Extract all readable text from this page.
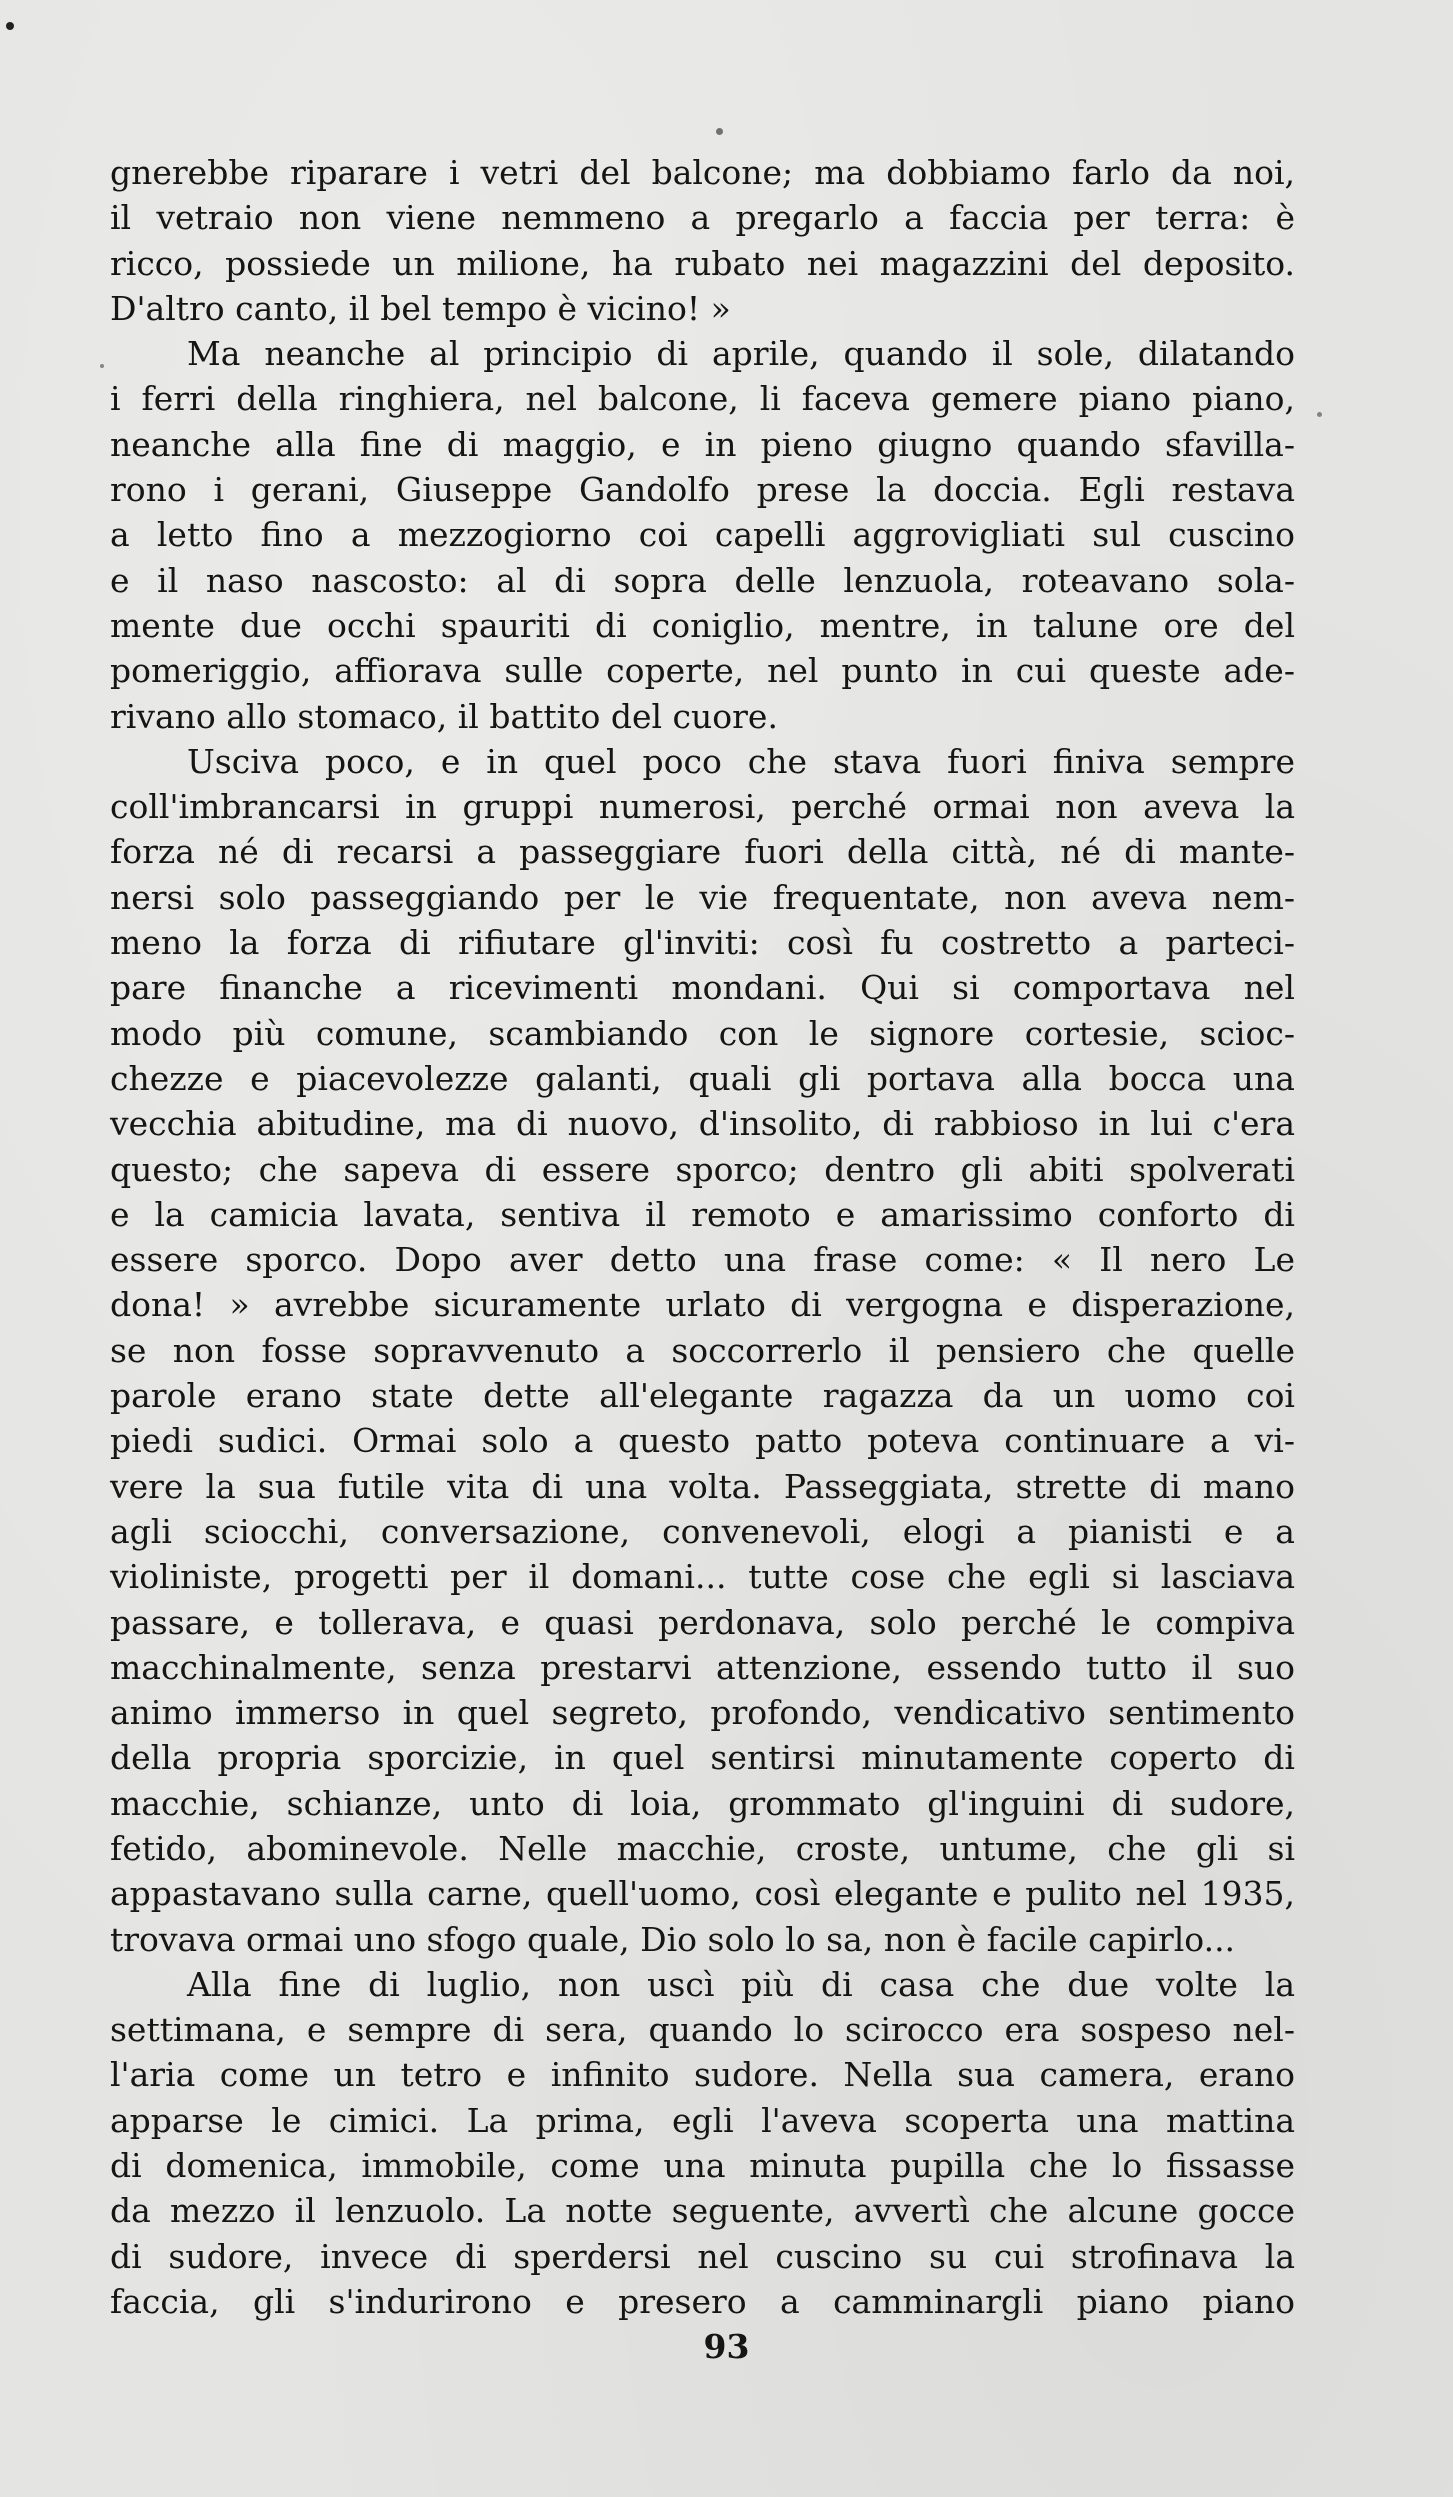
gnerebbe riparare i vetri del balcone; ma dobbiamo farlo da noi,
il vetraio non viene nemmeno a pregarlo a faccia per terra: è
ricco, possiede un milione, ha rubato nei magazzini del deposito.
D'altro canto, il bel tempo è vicino! »
Ma neanche al principio di aprile, quando il sole, dilatando
i ferri della ringhiera, nel balcone, li faceva gemere piano piano,
neanche alla fine di maggio, e in pieno giugno quando sfavilla-
rono i gerani, Giuseppe Gandolfo prese la doccia. Egli restava
a letto fino a mezzogiorno coi capelli aggrovigliati sul cuscino
e il naso nascosto: al di sopra delle lenzuola, roteavano sola-
mente due occhi spauriti di coniglio, mentre, in talune ore del
pomeriggio, affiorava sulle coperte, nel punto in cui queste ade-
rivano allo stomaco, il battito del cuore.
Usciva poco, e in quel poco che stava fuori finiva sempre
coll'imbrancarsi in gruppi numerosi, perché ormai non aveva la
forza né di recarsi a passeggiare fuori della città, né di mante-
nersi solo passeggiando per le vie frequentate, non aveva nem-
meno la forza di rifiutare gl'inviti: così fu costretto a parteci-
pare finanche a ricevimenti mondani. Qui si comportava nel
modo più comune, scambiando con le signore cortesie, scioc-
chezze e piacevolezze galanti, quali gli portava alla bocca una
vecchia abitudine, ma di nuovo, d'insolito, di rabbioso in lui c'era
questo; che sapeva di essere sporco; dentro gli abiti spolverati
e la camicia lavata, sentiva il remoto e amarissimo conforto di
essere sporco. Dopo aver detto una frase come: « Il nero Le
dona! » avrebbe sicuramente urlato di vergogna e disperazione,
se non fosse sopravvenuto a soccorrerlo il pensiero che quelle
parole erano state dette all'elegante ragazza da un uomo coi
piedi sudici. Ormai solo a questo patto poteva continuare a vi-
vere la sua futile vita di una volta. Passeggiata, strette di mano
agli sciocchi, conversazione, convenevoli, elogi a pianisti e a
violiniste, progetti per il domani... tutte cose che egli si lasciava
passare, e tollerava, e quasi perdonava, solo perché le compiva
macchinalmente, senza prestarvi attenzione, essendo tutto il suo
animo immerso in quel segreto, profondo, vendicativo sentimento
della propria sporcizie, in quel sentirsi minutamente coperto di
macchie, schianze, unto di loia, grommato gl'inguini di sudore,
fetido, abominevole. Nelle macchie, croste, untume, che gli si
appastavano sulla carne, quell'uomo, così elegante e pulito nel 1935,
trovava ormai uno sfogo quale, Dio solo lo sa, non è facile capirlo...
Alla fine di luglio, non uscì più di casa che due volte la
settimana, e sempre di sera, quando lo scirocco era sospeso nel-
l'aria come un tetro e infinito sudore. Nella sua camera, erano
apparse le cimici. La prima, egli l'aveva scoperta una mattina
di domenica, immobile, come una minuta pupilla che lo fissasse
da mezzo il lenzuolo. La notte seguente, avvertì che alcune gocce
di sudore, invece di sperdersi nel cuscino su cui strofinava la
faccia, gli s'indurirono e presero a camminargli piano piano
93
